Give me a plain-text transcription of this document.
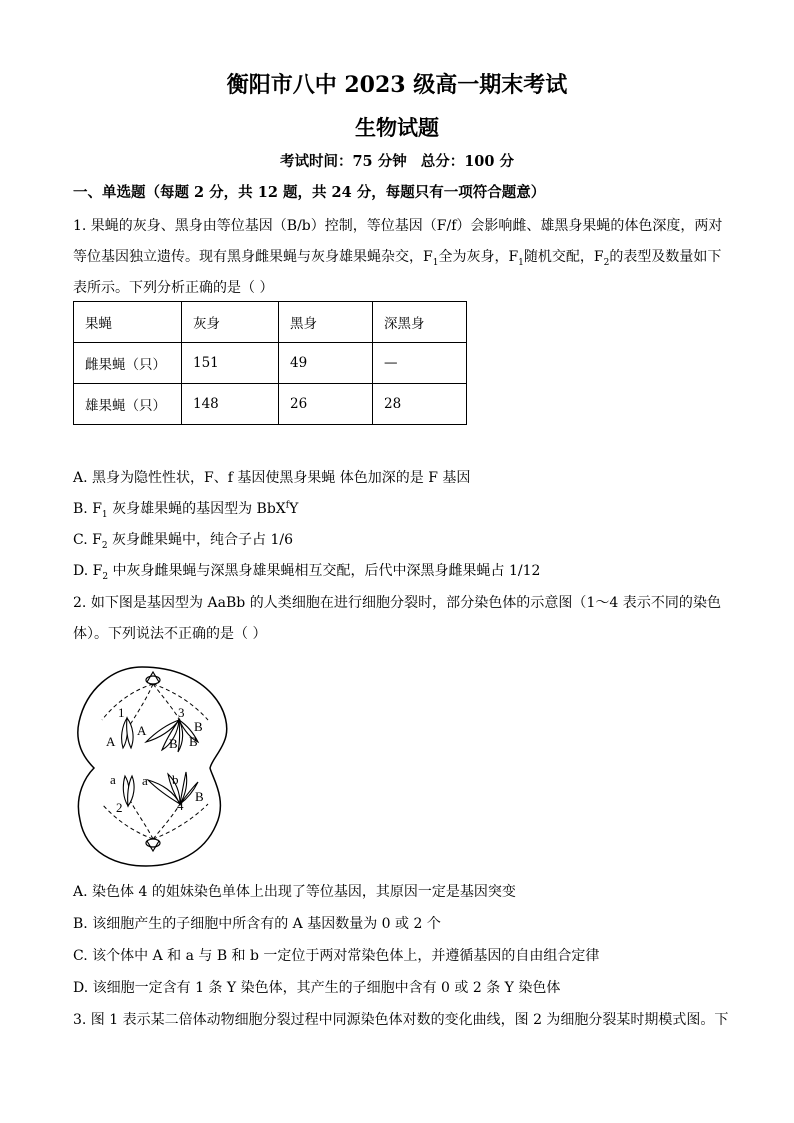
衡阳市八中 2023 级高一期末考试
生物试题
考试时间：75 分钟 总分：100 分
一、单选题（每题 2 分，共 12 题，共 24 分，每题只有一项符合题意）
1. 果蝇的灰身、黑身由等位基因（B/b）控制，等位基因（F/f）会影响雌、雄黑身果蝇的体色深度，两对
等位基因独立遗传。现有黑身雌果蝇与灰身雄果蝇杂交，$F_1$全为灰身，$F_1$随机交配，$F_2$的表型及数量如下
表所示。下列分析正确的是（ ）
果蝇	灰身	黑身	深黑身
雌果蝇（只）	151	49	—
雄果蝇（只）	148	26	28
A. 黑身为隐性性状，F、f 基因使黑身果蝇 体色加深的是 F 基因
B. $F_1$ 灰身雄果蝇的基因型为 BbX$^f$Y
C. $F_2$ 灰身雌果蝇中，纯合子占 1/6
D. $F_2$ 中灰身雌果蝇与深黑身雄果蝇相互交配，后代中深黑身雌果蝇占 1/12
2. 如下图是基因型为 AaBb 的人类细胞在进行细胞分裂时，部分染色体的示意图（1～4 表示不同的染色
体）。下列说法不正确的是（ ）
1
A
A
3
B
B
B
a a b
2	4
B
A. 染色体 4 的姐妹染色单体上出现了等位基因，其原因一定是基因突变
B. 该细胞产生的子细胞中所含有的 A 基因数量为 0 或 2 个
C. 该个体中 A 和 a 与 B 和 b 一定位于两对常染色体上，并遵循基因的自由组合定律
D. 该细胞一定含有 1 条 Y 染色体，其产生的子细胞中含有 0 或 2 条 Y 染色体
3. 图 1 表示某二倍体动物细胞分裂过程中同源染色体对数的变化曲线，图 2 为细胞分裂某时期模式图。下
